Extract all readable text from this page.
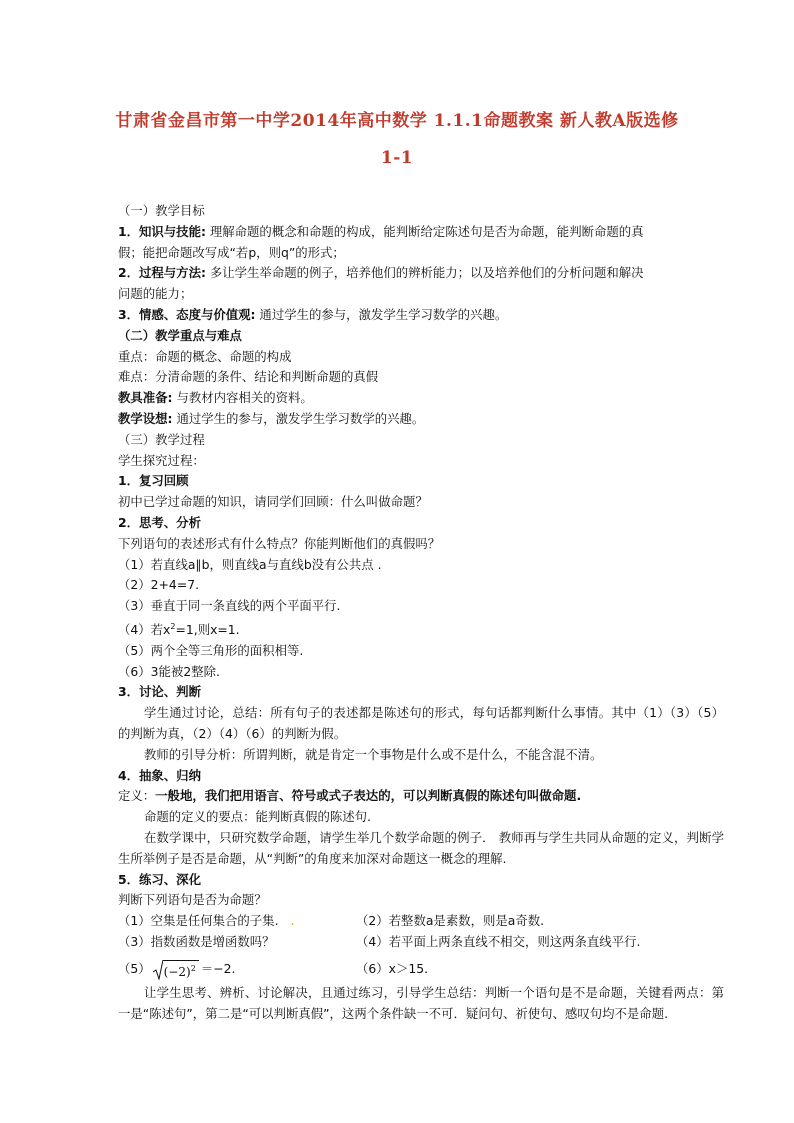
甘肃省金昌市第一中学2014年高中数学 1.1.1命题教案 新人教A版选修
1-1

（一）教学目标

1．知识与技能: 理解命题的概念和命题的构成，能判断给定陈述句是否为命题，能判断命题的真

假；能把命题改写成“若p，则q”的形式；

2．过程与方法: 多让学生举命题的例子，培养他们的辨析能力；以及培养他们的分析问题和解决

问题的能力；

3．情感、态度与价值观: 通过学生的参与，激发学生学习数学的兴趣。

（二）教学重点与难点

重点：命题的概念、命题的构成

难点：分清命题的条件、结论和判断命题的真假

教具准备: 与教材内容相关的资料。

教学设想: 通过学生的参与，激发学生学习数学的兴趣。

（三）教学过程

学生探究过程：

1．复习回顾

初中已学过命题的知识，请同学们回顾：什么叫做命题？

2．思考、分析

下列语句的表述形式有什么特点？你能判断他们的真假吗？

（1）若直线a∥b，则直线a与直线b没有公共点 .

（2）2+4=7.

（3）垂直于同一条直线的两个平面平行.

（4）若$x^2=1$,则x=1.

（5）两个全等三角形的面积相等.

（6）3能被2整除.

3．讨论、判断

学生通过讨论，总结：所有句子的表述都是陈述句的形式，每句话都判断什么事情。其中（1）（3）（5）的判断为真，（2）（4）（6）的判断为假。

教师的引导分析：所谓判断，就是肯定一个事物是什么或不是什么，不能含混不清。

4．抽象、归纳

定义：一般地，我们把用语言、符号或式子表达的，可以判断真假的陈述句叫做命题.

命题的定义的要点：能判断真假的陈述句.

在数学课中，只研究数学命题，请学生举几个数学命题的例子． 教师再与学生共同从命题的定义，判断学生所举例子是否是命题，从“判断”的角度来加深对命题这一概念的理解.

5．练习、深化

判断下列语句是否为命题？

（1）空集是任何集合的子集. .	（2）若整数a是素数，则是a奇数.
（3）指数函数是增函数吗？	（4）若平面上两条直线不相交，则这两条直线平行.
（5） $(-2)^2 =-2$.	（6）x＞15.

让学生思考、辨析、讨论解决，且通过练习，引导学生总结：判断一个语句是不是命题，关键看两点：第一是“陈述句”，第二是“可以判断真假”，这两个条件缺一不可．疑问句、祈使句、感叹句均不是命题.
